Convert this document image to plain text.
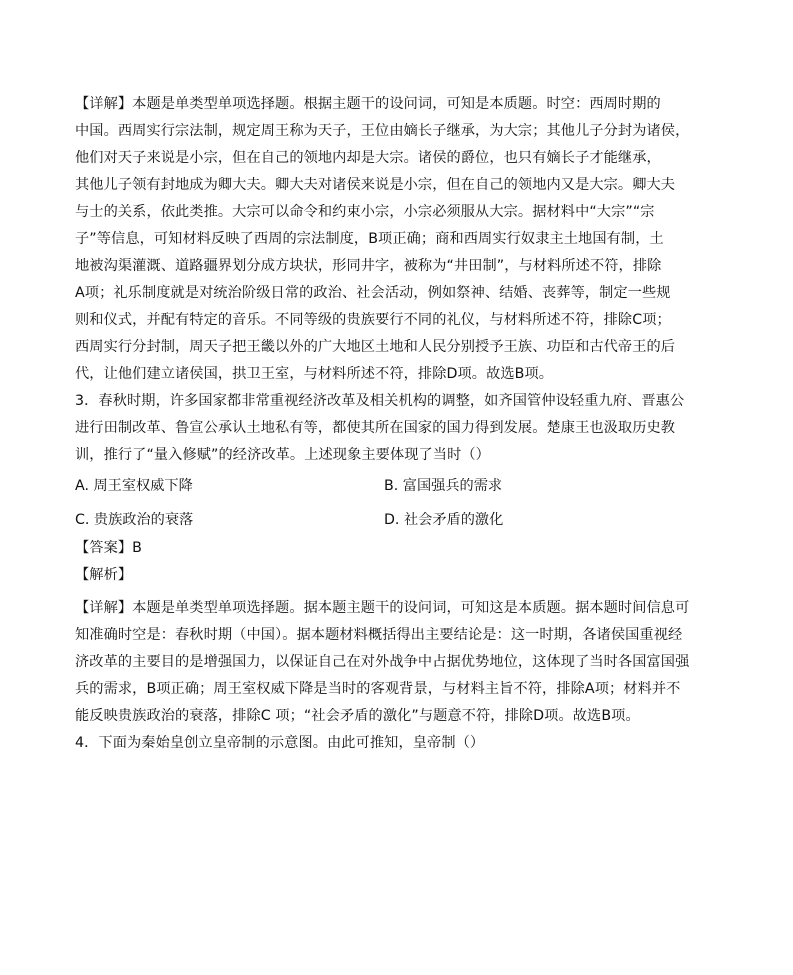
【详解】本题是单类型单项选择题。根据主题干的设问词，可知是本质题。时空：西周时期的
中国。西周实行宗法制，规定周王称为天子，王位由嫡长子继承，为大宗；其他儿子分封为诸侯，
他们对天子来说是小宗，但在自己的领地内却是大宗。诸侯的爵位，也只有嫡长子才能继承，
其他儿子领有封地成为卿大夫。卿大夫对诸侯来说是小宗，但在自己的领地内又是大宗。卿大夫
与士的关系，依此类推。大宗可以命令和约束小宗，小宗必须服从大宗。据材料中“大宗”“宗
子”等信息，可知材料反映了西周的宗法制度，B项正确；商和西周实行奴隶主土地国有制，土
地被沟渠灌溉、道路疆界划分成方块状，形同井字，被称为“井田制”，与材料所述不符，排除
A项；礼乐制度就是对统治阶级日常的政治、社会活动，例如祭神、结婚、丧葬等，制定一些规
则和仪式，并配有特定的音乐。不同等级的贵族要行不同的礼仪，与材料所述不符，排除C项；
西周实行分封制，周天子把王畿以外的广大地区土地和人民分别授予王族、功臣和古代帝王的后
代，让他们建立诸侯国，拱卫王室，与材料所述不符，排除D项。故选B项。
3．春秋时期，许多国家都非常重视经济改革及相关机构的调整，如齐国管仲设轻重九府、晋惠公
进行田制改革、鲁宣公承认土地私有等，都使其所在国家的国力得到发展。楚康王也汲取历史教
训，推行了“量入修赋”的经济改革。上述现象主要体现了当时（）
A. 周王室权威下降	B. 富国强兵的需求
C. 贵族政治的衰落	D. 社会矛盾的激化
【答案】B
【解析】
【详解】本题是单类型单项选择题。据本题主题干的设问词，可知这是本质题。据本题时间信息可
知准确时空是：春秋时期（中国）。据本题材料概括得出主要结论是：这一时期，各诸侯国重视经
济改革的主要目的是增强国力，以保证自己在对外战争中占据优势地位，这体现了当时各国富国强
兵的需求，B项正确；周王室权威下降是当时的客观背景，与材料主旨不符，排除A项；材料并不
能反映贵族政治的衰落，排除C 项；“社会矛盾的激化”与题意不符，排除D项。故选B项。
4．下面为秦始皇创立皇帝制的示意图。由此可推知，皇帝制（）
